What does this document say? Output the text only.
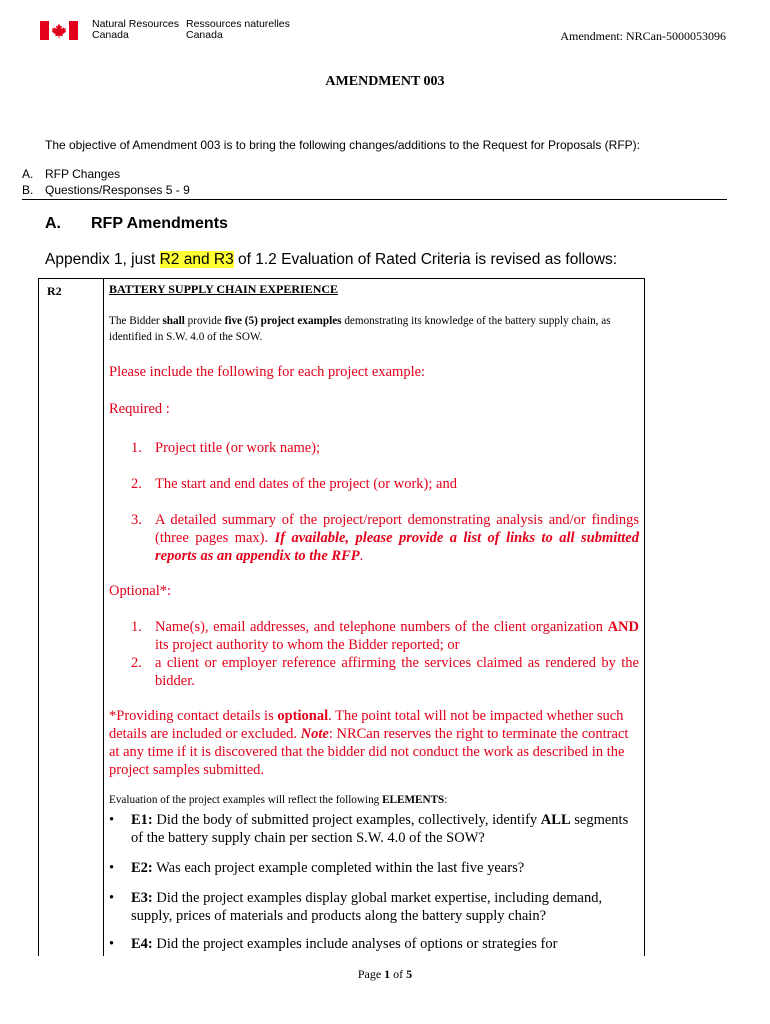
Natural Resources
Canada
Ressources naturelles
Canada	Amendment: NRCan-5000053096
AMENDMENT 003
The objective of Amendment 003 is to bring the following changes/additions to the Request for Proposals (RFP):
A. RFP Changes
B. Questions/Responses 5 - 9
A. RFP Amendments
Appendix 1, just R2 and R3 of 1.2 Evaluation of Rated Criteria is revised as follows:
R2	BATTERY SUPPLY CHAIN EXPERIENCE
The Bidder shall provide five (5) project examples demonstrating its knowledge of the battery supply chain, as identified in S.W. 4.0 of the SOW.
Please include the following for each project example:
Required :
1. Project title (or work name);
2. The start and end dates of the project (or work); and
3. A detailed summary of the project/report demonstrating analysis and/or findings (three pages max). If available, please provide a list of links to all submitted reports as an appendix to the RFP.
Optional*:
1. Name(s), email addresses, and telephone numbers of the client organization AND its project authority to whom the Bidder reported; or
2. a client or employer reference affirming the services claimed as rendered by the bidder.
*Providing contact details is optional. The point total will not be impacted whether such details are included or excluded. Note: NRCan reserves the right to terminate the contract at any time if it is discovered that the bidder did not conduct the work as described in the project samples submitted.
Evaluation of the project examples will reflect the following ELEMENTS:
• E1: Did the body of submitted project examples, collectively, identify ALL segments of the battery supply chain per section S.W. 4.0 of the SOW?
• E2: Was each project example completed within the last five years?
• E3: Did the project examples display global market expertise, including demand, supply, prices of materials and products along the battery supply chain?
• E4: Did the project examples include analyses of options or strategies for
Page 1 of 5
